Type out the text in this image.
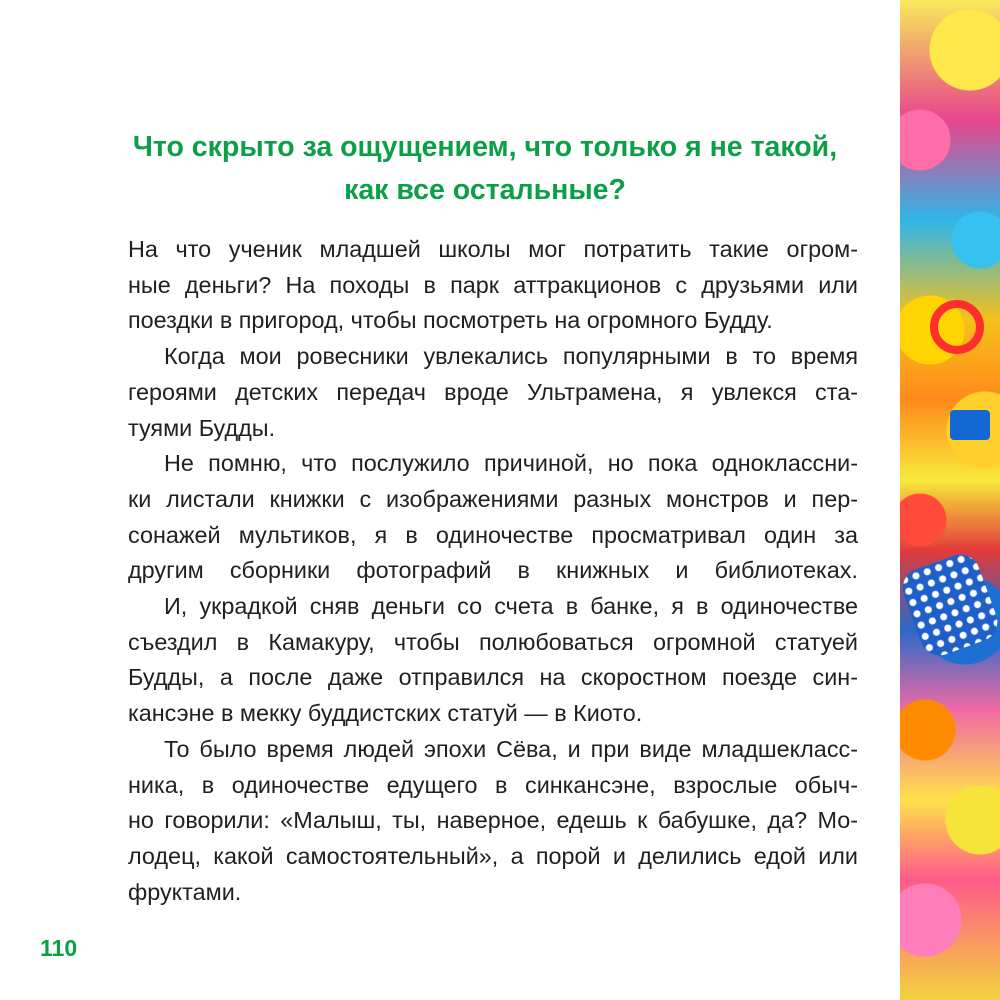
Что скрыто за ощущением, что только я не такой,
как все остальные?
На что ученик младшей школы мог потратить такие огром-
ные деньги? На походы в парк аттракционов с друзьями или
поездки в пригород, чтобы посмотреть на огромного Будду.
Когда мои ровесники увлекались популярными в то время
героями детских передач вроде Ультрамена, я увлекся ста-
туями Будды.
Не помню, что послужило причиной, но пока одноклассни-
ки листали книжки с изображениями разных монстров и пер-
сонажей мультиков, я в одиночестве просматривал один за
другим сборники фотографий в книжных и библиотеках.
И, украдкой сняв деньги со счета в банке, я в одиночестве
съездил в Камакуру, чтобы полюбоваться огромной статуей
Будды, а после даже отправился на скоростном поезде син-
кансэне в мекку буддистских статуй — в Киото.
То было время людей эпохи Сёва, и при виде младшекласс-
ника, в одиночестве едущего в синкансэне, взрослые обыч-
но говорили: «Малыш, ты, наверное, едешь к бабушке, да? Мо-
лодец, какой самостоятельный», а порой и делились едой или
фруктами.
110
